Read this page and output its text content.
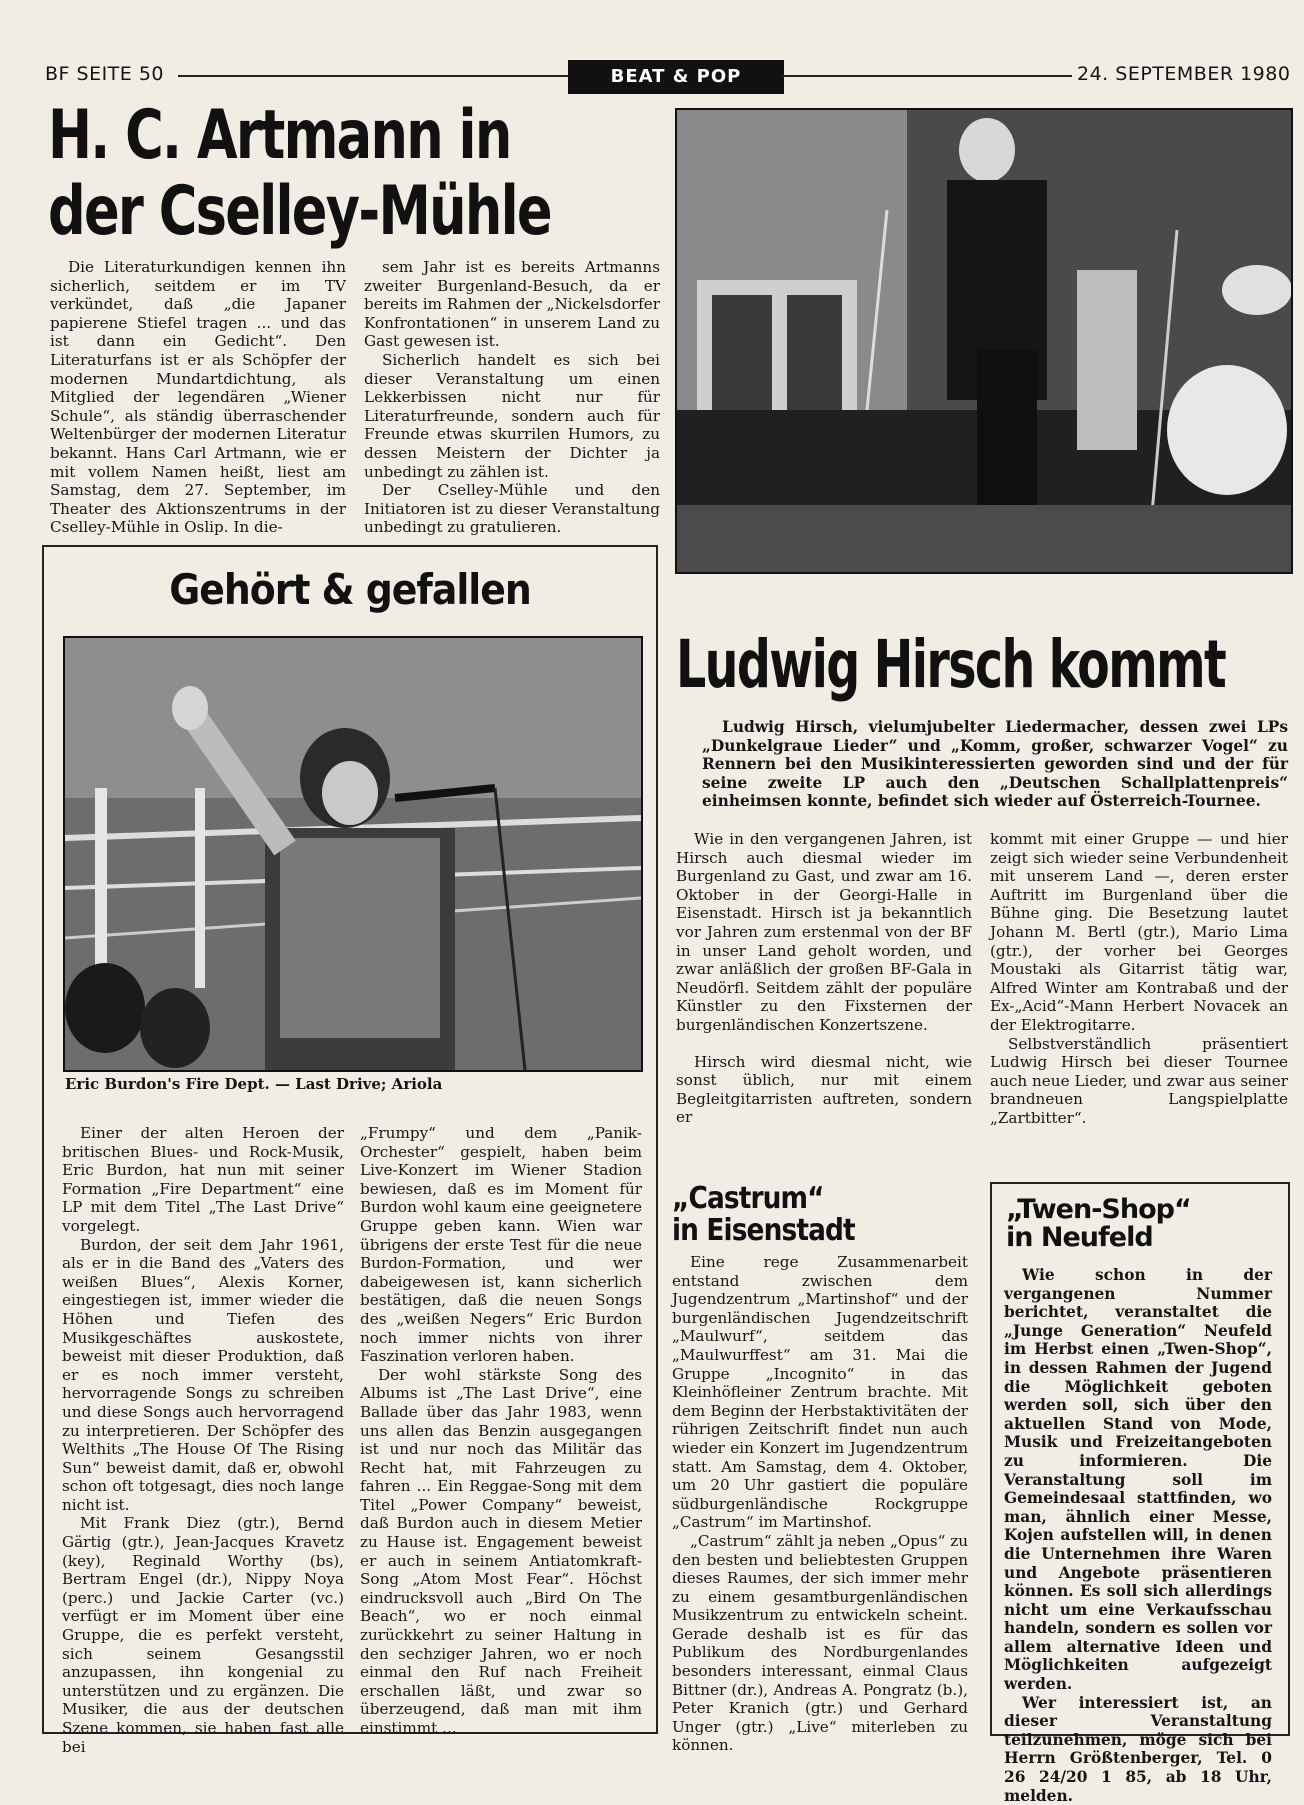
BF SEITE 50	BEAT & POP	24. SEPTEMBER 1980
H. C. Artmann in
der Cselley-Mühle

Die Literaturkundigen kennen ihn sicherlich, seitdem er im TV verkündet, daß „die Japaner papierene Stiefel tragen ... und das ist dann ein Gedicht“. Den Literaturfans ist er als Schöpfer der modernen Mundartdichtung, als Mitglied der legendären „Wiener Schule“, als ständig überraschender Weltenbürger der modernen Literatur bekannt. Hans Carl Artmann, wie er mit vollem Namen heißt, liest am Samstag, dem 27. September, im Theater des Aktionszentrums in der Cselley-Mühle in Oslip. In die-

sem Jahr ist es bereits Artmanns zweiter Burgenland-Besuch, da er bereits im Rahmen der „Nickelsdorfer Konfrontationen“ in unserem Land zu Gast gewesen ist.

Sicherlich handelt es sich bei dieser Veranstaltung um einen Lekkerbissen nicht nur für Literaturfreunde, sondern auch für Freunde etwas skurrilen Humors, zu dessen Meistern der Dichter ja unbedingt zu zählen ist.

Der Cselley-Mühle und den Initiatoren ist zu dieser Veranstaltung unbedingt zu gratulieren.

Gehört & gefallen
Eric Burdon's Fire Dept. — Last Drive; Ariola

Einer der alten Heroen der britischen Blues- und Rock-Musik, Eric Burdon, hat nun mit seiner Formation „Fire Department“ eine LP mit dem Titel „The Last Drive“ vorgelegt.

Burdon, der seit dem Jahr 1961, als er in die Band des „Vaters des weißen Blues“, Alexis Korner, eingestiegen ist, immer wieder die Höhen und Tiefen des Musikgeschäftes auskostete, beweist mit dieser Produktion, daß er es noch immer versteht, hervorragende Songs zu schreiben und diese Songs auch hervorragend zu interpretieren. Der Schöpfer des Welthits „The House Of The Rising Sun“ beweist damit, daß er, obwohl schon oft totgesagt, dies noch lange nicht ist.

Mit Frank Diez (gtr.), Bernd Gärtig (gtr.), Jean-Jacques Kravetz (key), Reginald Worthy (bs), Bertram Engel (dr.), Nippy Noya (perc.) und Jackie Carter (vc.) verfügt er im Moment über eine Gruppe, die es perfekt versteht, sich seinem Gesangsstil anzupassen, ihn kongenial zu unterstützen und zu ergänzen. Die Musiker, die aus der deutschen Szene kommen, sie haben fast alle bei

„Frumpy“ und dem „Panik-Orchester“ gespielt, haben beim Live-Konzert im Wiener Stadion bewiesen, daß es im Moment für Burdon wohl kaum eine geeignetere Gruppe geben kann. Wien war übrigens der erste Test für die neue Burdon-Formation, und wer dabeigewesen ist, kann sicherlich bestätigen, daß die neuen Songs des „weißen Negers“ Eric Burdon noch immer nichts von ihrer Faszination verloren haben.

Der wohl stärkste Song des Albums ist „The Last Drive“, eine Ballade über das Jahr 1983, wenn uns allen das Benzin ausgegangen ist und nur noch das Militär das Recht hat, mit Fahrzeugen zu fahren ... Ein Reggae-Song mit dem Titel „Power Company“ beweist, daß Burdon auch in diesem Metier zu Hause ist. Engagement beweist er auch in seinem Antiatomkraft-Song „Atom Most Fear“. Höchst eindrucksvoll auch „Bird On The Beach“, wo er noch einmal zurückkehrt zu seiner Haltung in den sechziger Jahren, wo er noch einmal den Ruf nach Freiheit erschallen läßt, und zwar so überzeugend, daß man mit ihm einstimmt ...

Ludwig Hirsch kommt
Ludwig Hirsch, vielumjubelter Liedermacher, dessen zwei LPs „Dunkelgraue Lieder“ und „Komm, großer, schwarzer Vogel“ zu Rennern bei den Musikinteressierten geworden sind und der für seine zweite LP auch den „Deutschen Schallplattenpreis“ einheimsen konnte, befindet sich wieder auf Österreich-Tournee.

Wie in den vergangenen Jahren, ist Hirsch auch diesmal wieder im Burgenland zu Gast, und zwar am 16. Oktober in der Georgi-Halle in Eisenstadt. Hirsch ist ja bekanntlich vor Jahren zum erstenmal von der BF in unser Land geholt worden, und zwar anläßlich der großen BF-Gala in Neudörfl. Seitdem zählt der populäre Künstler zu den Fixsternen der burgenländischen Konzertszene.

Hirsch wird diesmal nicht, wie sonst üblich, nur mit einem Begleitgitarristen auftreten, sondern er

kommt mit einer Gruppe — und hier zeigt sich wieder seine Verbundenheit mit unserem Land —, deren erster Auftritt im Burgenland über die Bühne ging. Die Besetzung lautet Johann M. Bertl (gtr.), Mario Lima (gtr.), der vorher bei Georges Moustaki als Gitarrist tätig war, Alfred Winter am Kontrabaß und der Ex-„Acid“-Mann Herbert Novacek an der Elektrogitarre.

Selbstverständlich präsentiert Ludwig Hirsch bei dieser Tournee auch neue Lieder, und zwar aus seiner brandneuen Langspielplatte „Zartbitter“.

„Castrum“
in Eisenstadt

Eine rege Zusammenarbeit entstand zwischen dem Jugendzentrum „Martinshof“ und der burgenländischen Jugendzeitschrift „Maulwurf“, seitdem das „Maulwurffest“ am 31. Mai die Gruppe „Incognito“ in das Kleinhöfleiner Zentrum brachte. Mit dem Beginn der Herbstaktivitäten der rührigen Zeitschrift findet nun auch wieder ein Konzert im Jugendzentrum statt. Am Samstag, dem 4. Oktober, um 20 Uhr gastiert die populäre südburgenländische Rockgruppe „Castrum“ im Martinshof.

„Castrum“ zählt ja neben „Opus“ zu den besten und beliebtesten Gruppen dieses Raumes, der sich immer mehr zu einem gesamtburgenländischen Musikzentrum zu entwickeln scheint. Gerade deshalb ist es für das Publikum des Nordburgenlandes besonders interessant, einmal Claus Bittner (dr.), Andreas A. Pongratz (b.), Peter Kranich (gtr.) und Gerhard Unger (gtr.) „Live“ miterleben zu können.

„Twen-Shop“
in Neufeld

Wie schon in der vergangenen Nummer berichtet, veranstaltet die „Junge Generation“ Neufeld im Herbst einen „Twen-Shop“, in dessen Rahmen der Jugend die Möglichkeit geboten werden soll, sich über den aktuellen Stand von Mode, Musik und Freizeitangeboten zu informieren. Die Veranstaltung soll im Gemeindesaal stattfinden, wo man, ähnlich einer Messe, Kojen aufstellen will, in denen die Unternehmen ihre Waren und Angebote präsentieren können. Es soll sich allerdings nicht um eine Verkaufsschau handeln, sondern es sollen vor allem alternative Ideen und Möglichkeiten aufgezeigt werden.

Wer interessiert ist, an dieser Veranstaltung teilzunehmen, möge sich bei Herrn Größtenberger, Tel. 0 26 24/20 1 85, ab 18 Uhr, melden.
